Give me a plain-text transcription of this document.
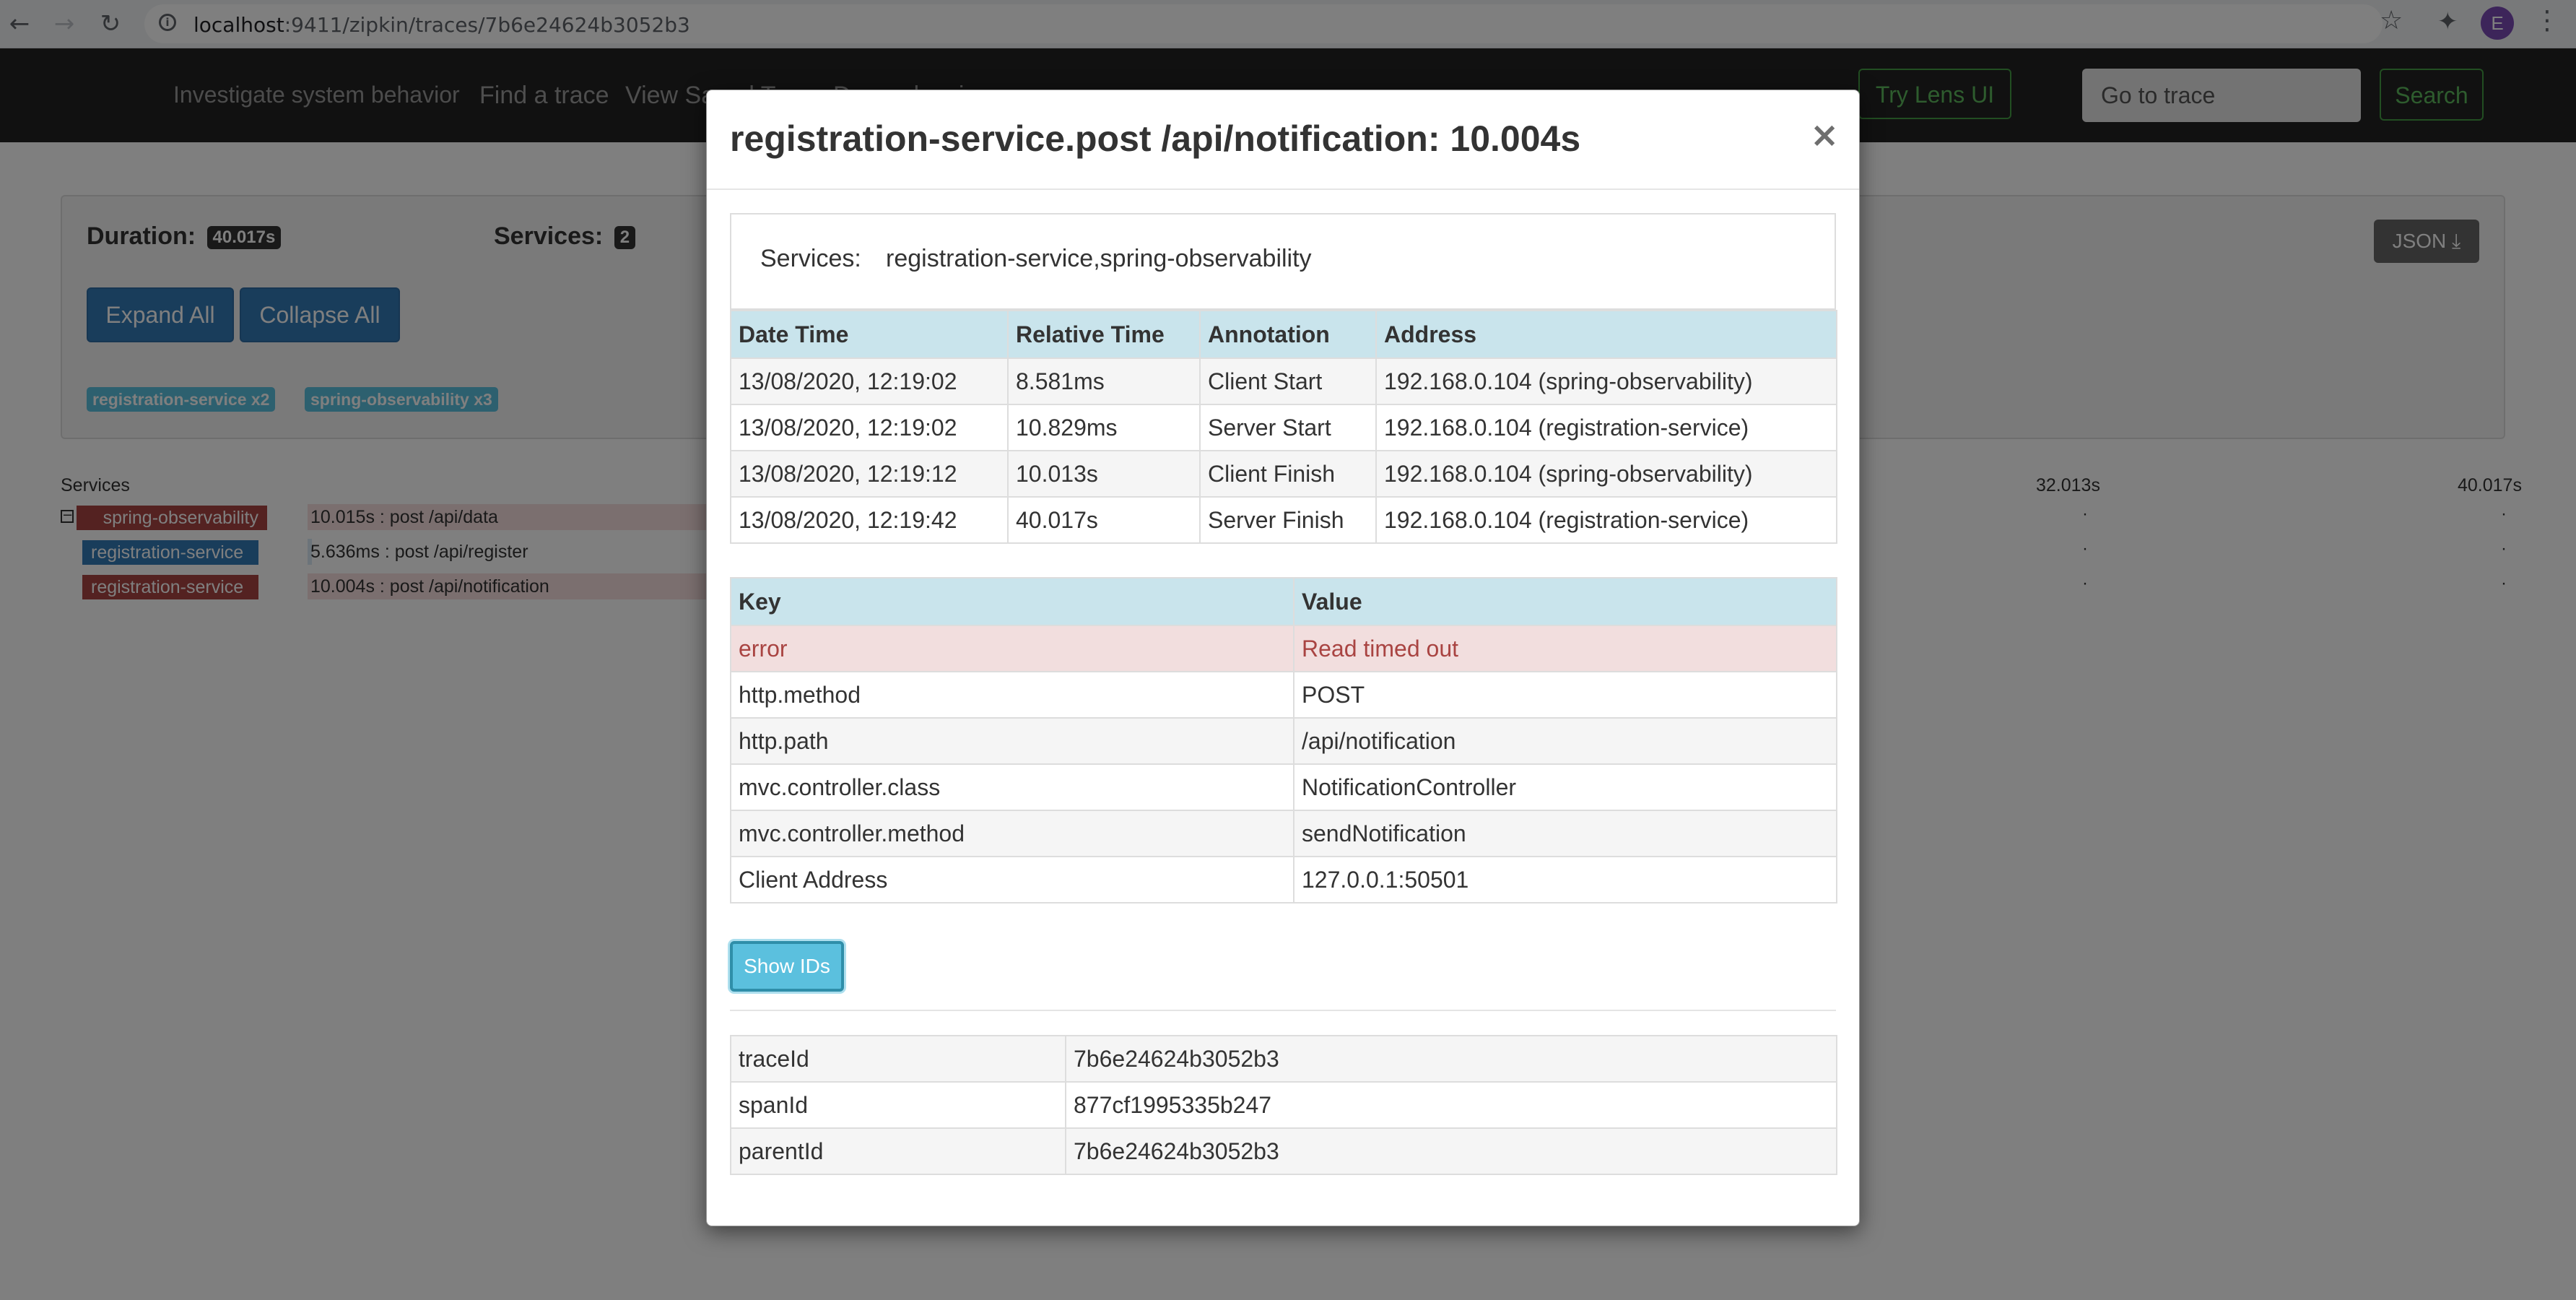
registration-service.post /api/notification: 10.004s	×
Services: registration-service,spring-observability
Date Time	Relative Time	Annotation	Address
13/08/2020, 12:19:02	8.581ms	Client Start	192.168.0.104 (spring-observability)
13/08/2020, 12:19:02	10.829ms	Server Start	192.168.0.104 (registration-service)
13/08/2020, 12:19:12	10.013s	Client Finish	192.168.0.104 (spring-observability)
13/08/2020, 12:19:42	40.017s	Server Finish	192.168.0.104 (registration-service)
Key	Value
error	Read timed out
http.method	POST
http.path	/api/notification
mvc.controller.class	NotificationController
mvc.controller.method	sendNotification
Client Address	127.0.0.1:50501
Show IDs
traceId	7b6e24624b3052b3
spanId	877cf1995335b247
parentId	7b6e24624b3052b3
